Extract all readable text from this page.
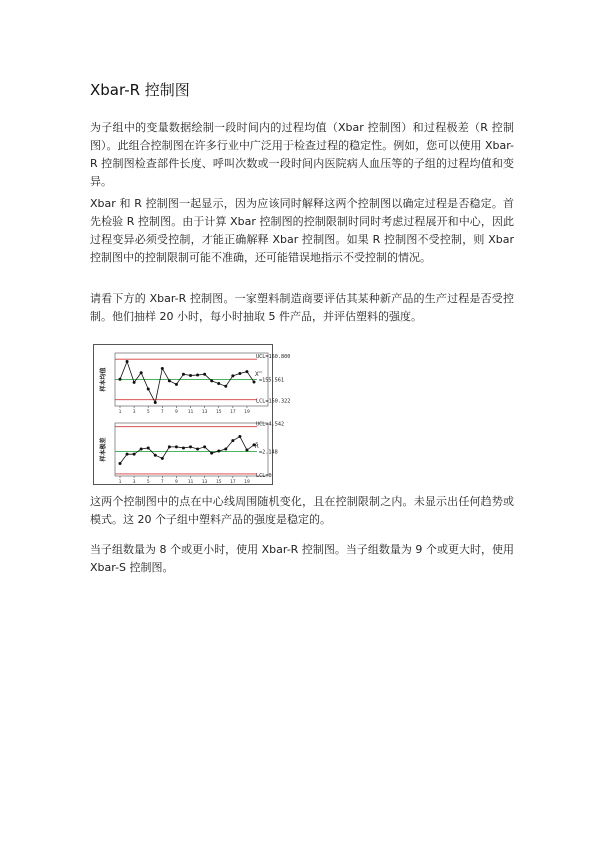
Xbar-R 控制图

为子组中的变量数据绘制一段时间内的过程均值（Xbar 控制图）和过程极差（R 控制图）。此组合控制图在许多行业中广泛用于检查过程的稳定性。例如，您可以使用 Xbar-R 控制图检查部件长度、呼叫次数或一段时间内医院病人血压等的子组的过程均值和变异。

Xbar 和 R 控制图一起显示，因为应该同时解释这两个控制图以确定过程是否稳定。首先检验 R 控制图。由于计算 Xbar 控制图的控制限制时同时考虑过程展开和中心，因此过程变异必须受控制，才能正确解释 Xbar 控制图。如果 R 控制图不受控制，则 Xbar 控制图中的控制限制可能不准确，还可能错误地指示不受控制的情况。

请看下方的 Xbar-R 控制图。一家塑料制造商要评估其某种新产品的生产过程是否受控制。他们抽样 20 小时，每小时抽取 5 件产品，并评估塑料的强度。

UCL=160.800
X̿
=155.561
LCL=150.322
样本均值
1 3 5 7 9 11 13 15 17 19
UCL=4.542
R̄
=2.148
LCL=0
样本极差
1 3 5 7 9 11 13 15 17 19

这两个控制图中的点在中心线周围随机变化，且在控制限制之内。未显示出任何趋势或模式。这 20 个子组中塑料产品的强度是稳定的。

当子组数量为 8 个或更小时，使用 Xbar-R 控制图。当子组数量为 9 个或更大时，使用 Xbar-S 控制图。
